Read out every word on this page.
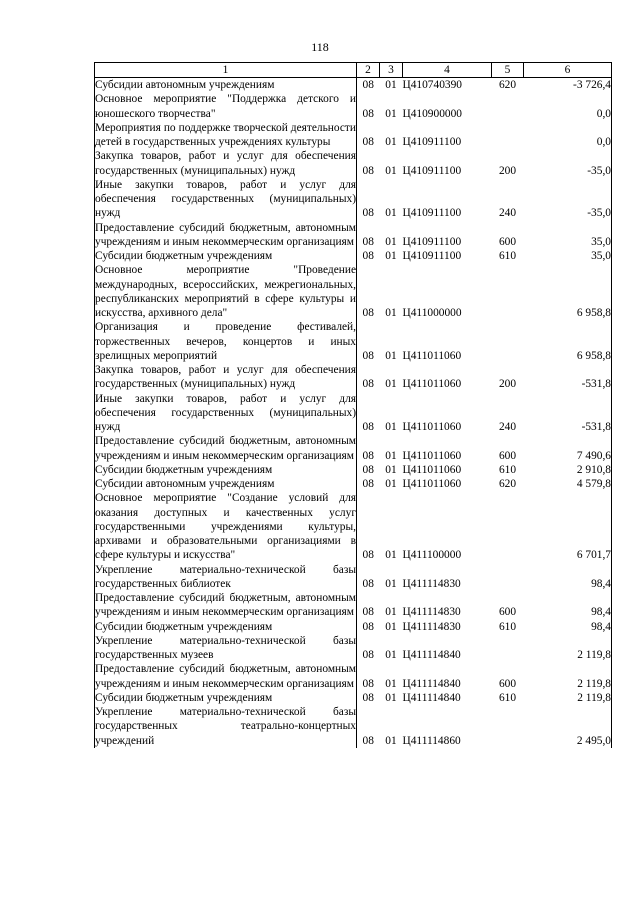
118
1	2	3	4	5	6
Субсидии автономным учреждениям	08	01	Ц410740390	620	-3 726,4
Основное мероприятие "Поддержка детского и юношеского творчества"	08	01	Ц410900000		0,0
Мероприятия по поддержке творческой деятельности детей в государственных учреждениях культуры	08	01	Ц410911100		0,0
Закупка товаров, работ и услуг для обеспечения государственных (муниципальных) нужд	08	01	Ц410911100	200	-35,0
Иные закупки товаров, работ и услуг для обеспечения государственных (муниципальных) нужд	08	01	Ц410911100	240	-35,0
Предоставление субсидий бюджетным, автономным учреждениям и иным некоммерческим организациям	08	01	Ц410911100	600	35,0
Субсидии бюджетным учреждениям	08	01	Ц410911100	610	35,0
Основное мероприятие "Проведение международных, всероссийских, межрегиональных, республиканских мероприятий в сфере культуры и искусства, архивного дела"	08	01	Ц411000000		6 958,8
Организация и проведение фестивалей, торжественных вечеров, концертов и иных зрелищных мероприятий	08	01	Ц411011060		6 958,8
Закупка товаров, работ и услуг для обеспечения государственных (муниципальных) нужд	08	01	Ц411011060	200	-531,8
Иные закупки товаров, работ и услуг для обеспечения государственных (муниципальных) нужд	08	01	Ц411011060	240	-531,8
Предоставление субсидий бюджетным, автономным учреждениям и иным некоммерческим организациям	08	01	Ц411011060	600	7 490,6
Субсидии бюджетным учреждениям	08	01	Ц411011060	610	2 910,8
Субсидии автономным учреждениям	08	01	Ц411011060	620	4 579,8
Основное мероприятие "Создание условий для оказания доступных и качественных услуг государственными учреждениями культуры, архивами и образовательными организациями в сфере культуры и искусства"	08	01	Ц411100000		6 701,7
Укрепление материально-технической базы государственных библиотек	08	01	Ц411114830		98,4
Предоставление субсидий бюджетным, автономным учреждениям и иным некоммерческим организациям	08	01	Ц411114830	600	98,4
Субсидии бюджетным учреждениям	08	01	Ц411114830	610	98,4
Укрепление материально-технической базы государственных музеев	08	01	Ц411114840		2 119,8
Предоставление субсидий бюджетным, автономным учреждениям и иным некоммерческим организациям	08	01	Ц411114840	600	2 119,8
Субсидии бюджетным учреждениям	08	01	Ц411114840	610	2 119,8
Укрепление материально-технической базы государственных театрально-концертных учреждений	08	01	Ц411114860		2 495,0
